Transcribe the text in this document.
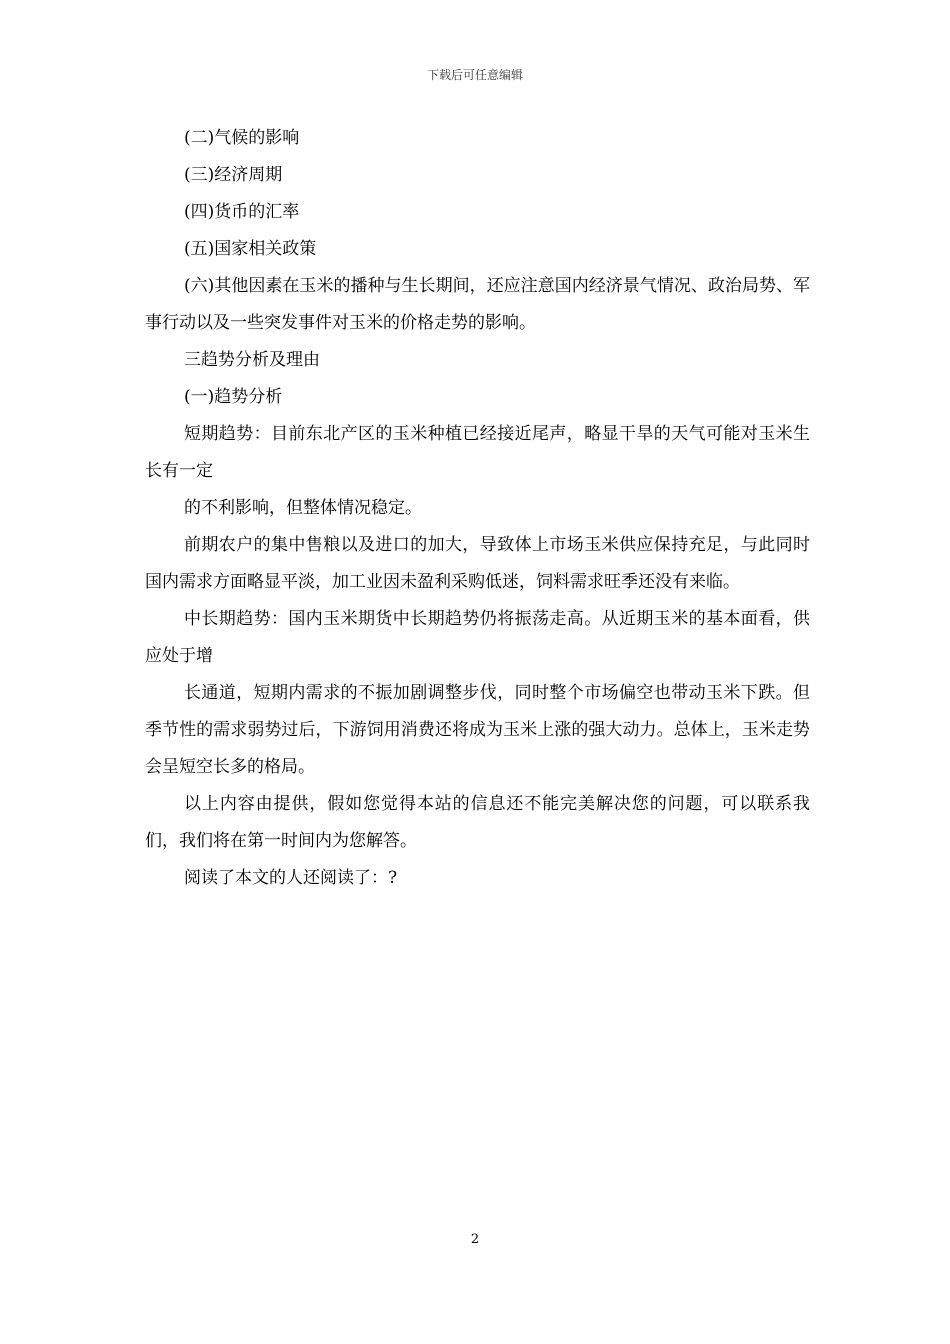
下载后可任意编辑

(二)气候的影响

(三)经济周期

(四)货币的汇率

(五)国家相关政策

(六)其他因素在玉米的播种与生长期间，还应注意国内经济景气情况、政治局势、军事行动以及一些突发事件对玉米的价格走势的影响。

三趋势分析及理由

(一)趋势分析

短期趋势：目前东北产区的玉米种植已经接近尾声，略显干旱的天气可能对玉米生长有一定

的不利影响，但整体情况稳定。

前期农户的集中售粮以及进口的加大，导致体上市场玉米供应保持充足，与此同时国内需求方面略显平淡，加工业因未盈利采购低迷，饲料需求旺季还没有来临。

中长期趋势：国内玉米期货中长期趋势仍将振荡走高。从近期玉米的基本面看，供应处于增

长通道，短期内需求的不振加剧调整步伐，同时整个市场偏空也带动玉米下跌。但季节性的需求弱势过后，下游饲用消费还将成为玉米上涨的强大动力。总体上，玉米走势会呈短空长多的格局。

以上内容由提供，假如您觉得本站的信息还不能完美解决您的问题，可以联系我们，我们将在第一时间内为您解答。

阅读了本文的人还阅读了：?

2
